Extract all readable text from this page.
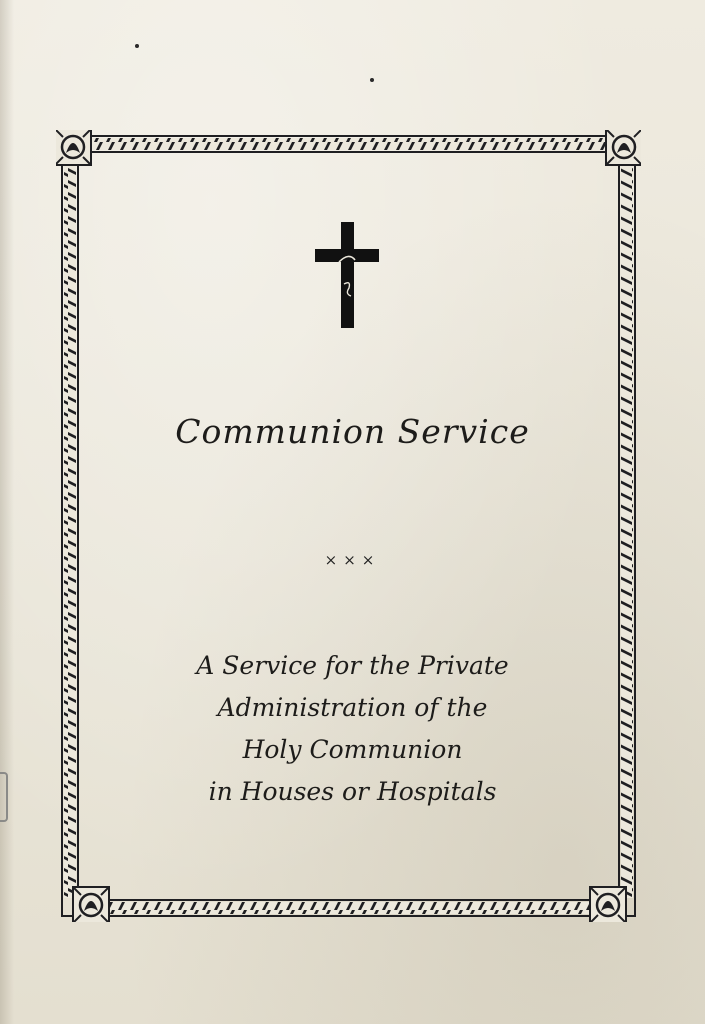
Communion Service
×××
A Service for the Private
Administration of the
Holy Communion
in Houses or Hospitals
